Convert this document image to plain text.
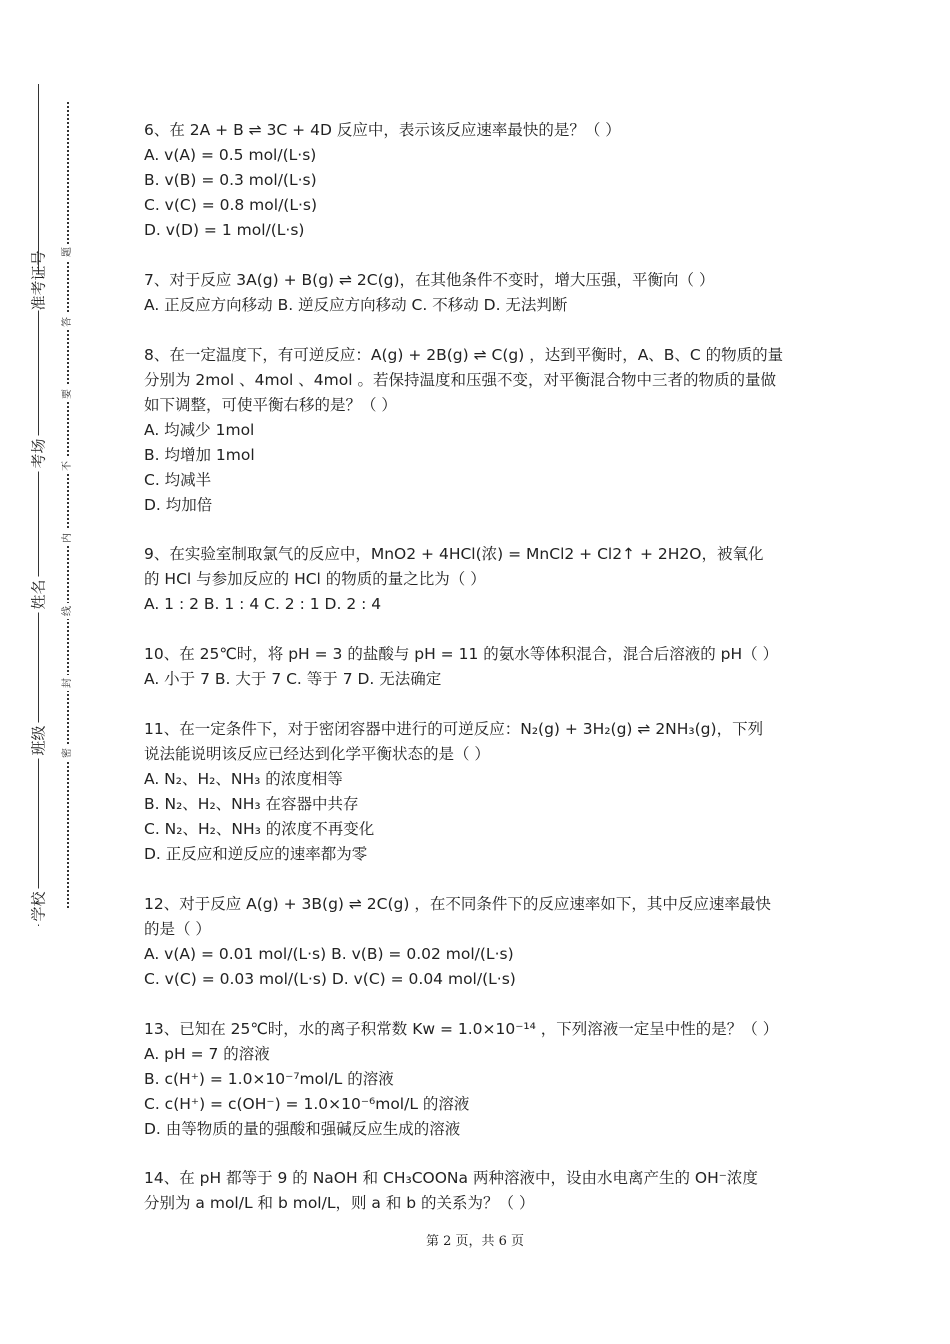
准考证号
考场
姓名
班级
学校
题
答
要
不
内
线
封
密
6、在 2A + B ⇌ 3C + 4D 反应中，表示该反应速率最快的是？（ ）
A. v(A) = 0.5 mol/(L·s)
B. v(B) = 0.3 mol/(L·s)
C. v(C) = 0.8 mol/(L·s)
D. v(D) = 1 mol/(L·s)
7、对于反应 3A(g) + B(g) ⇌ 2C(g)，在其他条件不变时，增大压强，平衡向（ ）
A. 正反应方向移动 B. 逆反应方向移动 C. 不移动 D. 无法判断
8、在一定温度下，有可逆反应：A(g) + 2B(g) ⇌ C(g) ，达到平衡时，A、B、C 的物质的量
分别为 2mol 、4mol 、4mol 。若保持温度和压强不变，对平衡混合物中三者的物质的量做
如下调整，可使平衡右移的是？（ ）
A. 均减少 1mol
B. 均增加 1mol
C. 均减半
D. 均加倍
9、在实验室制取氯气的反应中，MnO2 + 4HCl(浓) = MnCl2 + Cl2↑ + 2H2O，被氧化
的 HCl 与参加反应的 HCl 的物质的量之比为（ ）
A. 1 : 2 B. 1 : 4 C. 2 : 1 D. 2 : 4
10、在 25℃时，将 pH = 3 的盐酸与 pH = 11 的氨水等体积混合，混合后溶液的 pH（ ）
A. 小于 7 B. 大于 7 C. 等于 7 D. 无法确定
11、在一定条件下，对于密闭容器中进行的可逆反应：N₂(g) + 3H₂(g) ⇌ 2NH₃(g)，下列
说法能说明该反应已经达到化学平衡状态的是（ ）
A. N₂、H₂、NH₃ 的浓度相等
B. N₂、H₂、NH₃ 在容器中共存
C. N₂、H₂、NH₃ 的浓度不再变化
D. 正反应和逆反应的速率都为零
12、对于反应 A(g) + 3B(g) ⇌ 2C(g) ，在不同条件下的反应速率如下，其中反应速率最快
的是（ ）
A. v(A) = 0.01 mol/(L·s) B. v(B) = 0.02 mol/(L·s)
C. v(C) = 0.03 mol/(L·s) D. v(C) = 0.04 mol/(L·s)
13、已知在 25℃时，水的离子积常数 Kw = 1.0×10⁻¹⁴ ，下列溶液一定呈中性的是？（ ）
A. pH = 7 的溶液
B. c(H⁺) = 1.0×10⁻⁷mol/L 的溶液
C. c(H⁺) = c(OH⁻) = 1.0×10⁻⁶mol/L 的溶液
D. 由等物质的量的强酸和强碱反应生成的溶液
14、在 pH 都等于 9 的 NaOH 和 CH₃COONa 两种溶液中，设由水电离产生的 OH⁻浓度
分别为 a mol/L 和 b mol/L，则 a 和 b 的关系为？（ ）
第 2 页，共 6 页
